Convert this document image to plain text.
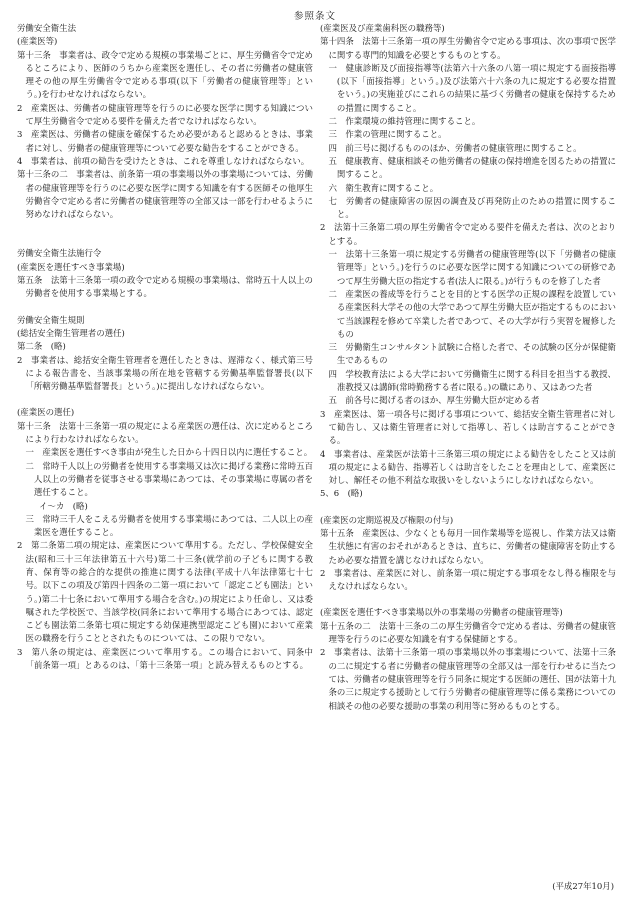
参照条文

労働安全衛生法

(産業医等)

第十三条　事業者は、政令で定める規模の事業場ごとに、厚生労働省令で定めるところにより、医師のうちから産業医を選任し、その者に労働者の健康管理その他の厚生労働省令で定める事項(以下「労働者の健康管理等」という。)を行わせなければならない。

2　産業医は、労働者の健康管理等を行うのに必要な医学に関する知識について厚生労働省令で定める要件を備えた者でなければならない。

3　産業医は、労働者の健康を確保するため必要があると認めるときは、事業者に対し、労働者の健康管理等について必要な勧告をすることができる。

4　事業者は、前項の勧告を受けたときは、これを尊重しなければならない。

第十三条の二　事業者は、前条第一項の事業場以外の事業場については、労働者の健康管理等を行うのに必要な医学に関する知識を有する医師その他厚生労働省令で定める者に労働者の健康管理等の全部又は一部を行わせるように努めなければならない。

労働安全衛生法施行令

(産業医を選任すべき事業場)

第五条　法第十三条第一項の政令で定める規模の事業場は、常時五十人以上の労働者を使用する事業場とする。

労働安全衛生規則

(総括安全衛生管理者の選任)

第二条　(略)

2　事業者は、総括安全衛生管理者を選任したときは、遅滞なく、様式第三号による報告書を、当該事業場の所在地を管轄する労働基準監督署長(以下「所轄労働基準監督署長」という。)に提出しなければならない。

(産業医の選任)

第十三条　法第十三条第一項の規定による産業医の選任は、次に定めるところにより行わなければならない。

一　産業医を選任すべき事由が発生した日から十四日以内に選任すること。

二　常時千人以上の労働者を使用する事業場又は次に掲げる業務に常時五百人以上の労働者を従事させる事業場にあつては、その事業場に専属の者を選任すること。

イ〜カ　(略)

三　常時三千人をこえる労働者を使用する事業場にあつては、二人以上の産業医を選任すること。

2　第二条第二項の規定は、産業医について準用する。ただし、学校保健安全法(昭和三十三年法律第五十六号)第二十三条(就学前の子どもに関する教育、保育等の総合的な提供の推進に関する法律(平成十八年法律第七十七号。以下この項及び第四十四条の二第一項において「認定こども園法」という。)第二十七条において準用する場合を含む。)の規定により任命し、又は委嘱された学校医で、当該学校(同条において準用する場合にあつては、認定こども園法第二条第七項に規定する幼保連携型認定こども園)において産業医の職務を行うこととされたものについては、この限りでない。

3　第八条の規定は、産業医について準用する。この場合において、同条中「前条第一項」とあるのは、「第十三条第一項」と読み替えるものとする。

(産業医及び産業歯科医の職務等)

第十四条　法第十三条第一項の厚生労働省令で定める事項は、次の事項で医学に関する専門的知識を必要とするものとする。

一　健康診断及び面接指導等(法第六十六条の八第一項に規定する面接指導(以下「面接指導」という。)及び法第六十六条の九に規定する必要な措置をいう。)の実施並びにこれらの結果に基づく労働者の健康を保持するための措置に関すること。

二　作業環境の維持管理に関すること。

三　作業の管理に関すること。

四　前三号に掲げるもののほか、労働者の健康管理に関すること。

五　健康教育、健康相談その他労働者の健康の保持増進を図るための措置に関すること。

六　衛生教育に関すること。

七　労働者の健康障害の原因の調査及び再発防止のための措置に関すること。

2　法第十三条第二項の厚生労働省令で定める要件を備えた者は、次のとおりとする。

一　法第十三条第一項に規定する労働者の健康管理等(以下「労働者の健康管理等」という。)を行うのに必要な医学に関する知識についての研修であつて厚生労働大臣の指定する者(法人に限る。)が行うものを修了した者

二　産業医の養成等を行うことを目的とする医学の正規の課程を設置している産業医科大学その他の大学であつて厚生労働大臣が指定するものにおいて当該課程を修めて卒業した者であつて、その大学が行う実習を履修したもの

三　労働衛生コンサルタント試験に合格した者で、その試験の区分が保健衛生であるもの

四　学校教育法による大学において労働衛生に関する科目を担当する教授、准教授又は講師(常時勤務する者に限る。)の職にあり、又はあつた者

五　前各号に掲げる者のほか、厚生労働大臣が定める者

3　産業医は、第一項各号に掲げる事項について、総括安全衛生管理者に対して勧告し、又は衛生管理者に対して指導し、若しくは助言することができる。

4　事業者は、産業医が法第十三条第三項の規定による勧告をしたこと又は前項の規定による勧告、指導若しくは助言をしたことを理由として、産業医に対し、解任その他不利益な取扱いをしないようにしなければならない。

5、6　(略)

(産業医の定期巡視及び権限の付与)

第十五条　産業医は、少なくとも毎月一回作業場等を巡視し、作業方法又は衛生状態に有害のおそれがあるときは、直ちに、労働者の健康障害を防止するため必要な措置を講じなければならない。

2　事業者は、産業医に対し、前条第一項に規定する事項をなし得る権限を与えなければならない。

(産業医を選任すべき事業場以外の事業場の労働者の健康管理等)

第十五条の二　法第十三条の二の厚生労働省令で定める者は、労働者の健康管理等を行うのに必要な知識を有する保健師とする。

2　事業者は、法第十三条第一項の事業場以外の事業場について、法第十三条の二に規定する者に労働者の健康管理等の全部又は一部を行わせるに当たつては、労働者の健康管理等を行う同条に規定する医師の選任、国が法第十九条の三に規定する援助として行う労働者の健康管理等に係る業務についての相談その他の必要な援助の事業の利用等に努めるものとする。

(平成27年10月)
